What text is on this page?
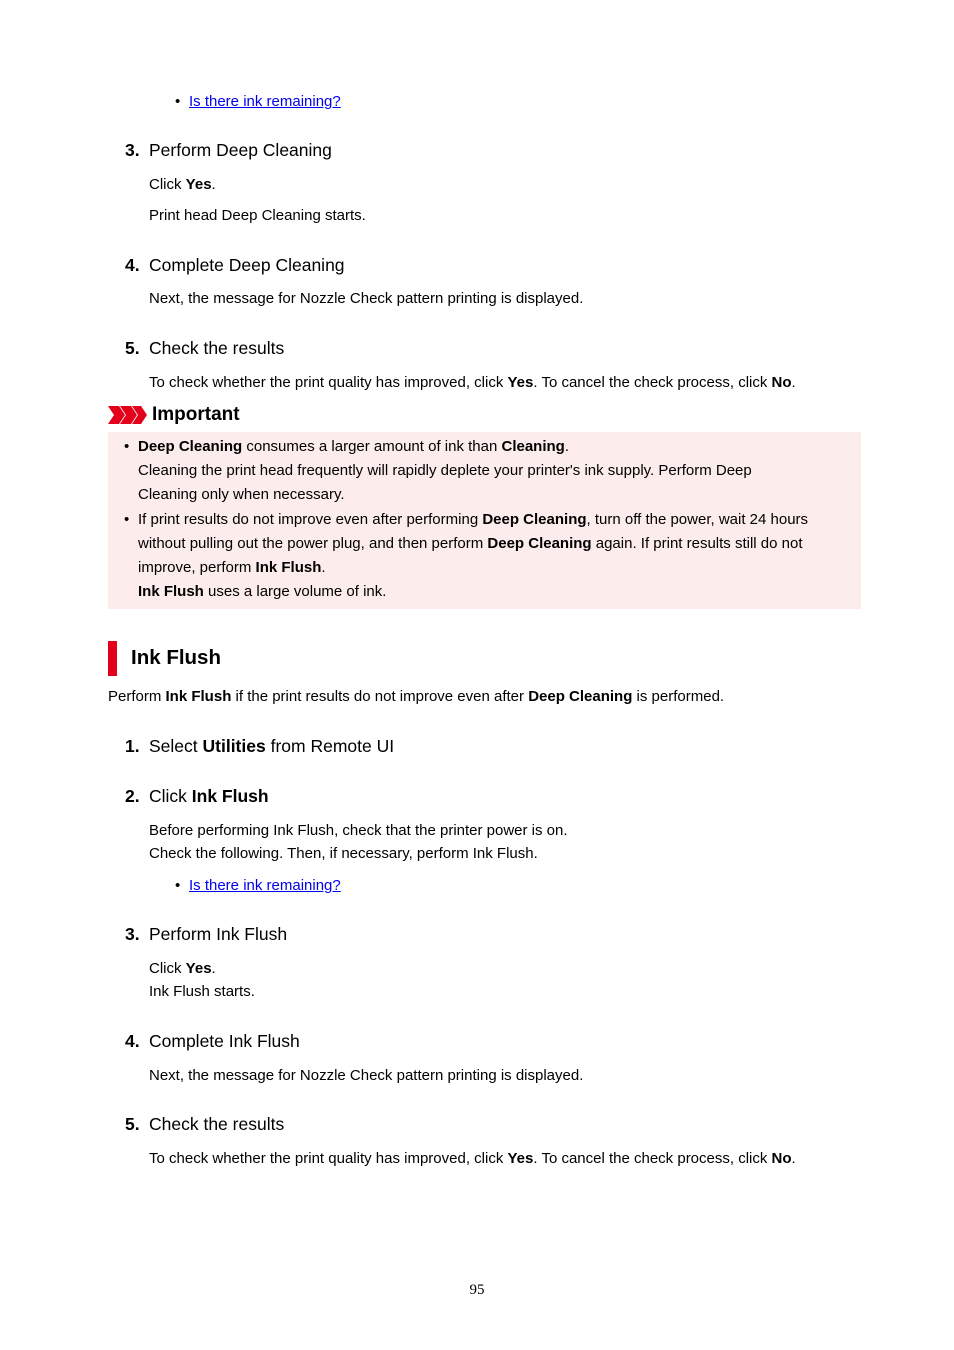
• Is there ink remaining?
3. Perform Deep Cleaning
Click Yes.
Print head Deep Cleaning starts.
4. Complete Deep Cleaning
Next, the message for Nozzle Check pattern printing is displayed.
5. Check the results
To check whether the print quality has improved, click Yes. To cancel the check process, click No.
Important
• Deep Cleaning consumes a larger amount of ink than Cleaning.
Cleaning the print head frequently will rapidly deplete your printer's ink supply. Perform Deep
Cleaning only when necessary.
• If print results do not improve even after performing Deep Cleaning, turn off the power, wait 24 hours
without pulling out the power plug, and then perform Deep Cleaning again. If print results still do not
improve, perform Ink Flush.
Ink Flush uses a large volume of ink.
Ink Flush
Perform Ink Flush if the print results do not improve even after Deep Cleaning is performed.
1. Select Utilities from Remote UI
2. Click Ink Flush
Before performing Ink Flush, check that the printer power is on.
Check the following. Then, if necessary, perform Ink Flush.
• Is there ink remaining?
3. Perform Ink Flush
Click Yes.
Ink Flush starts.
4. Complete Ink Flush
Next, the message for Nozzle Check pattern printing is displayed.
5. Check the results
To check whether the print quality has improved, click Yes. To cancel the check process, click No.
95
